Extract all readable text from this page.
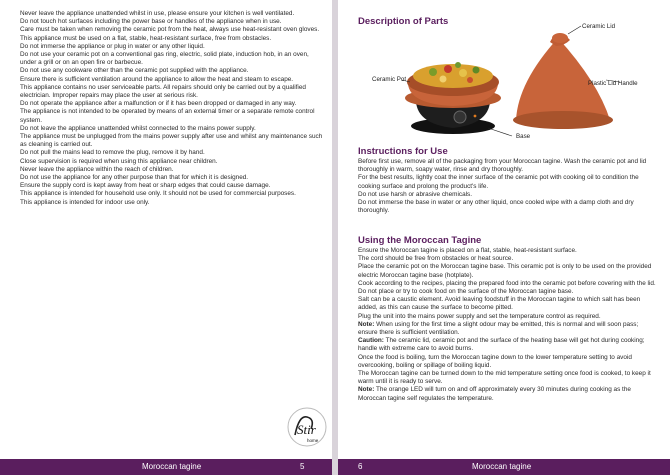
Never leave the appliance unattended whilst in use, please ensure your kitchen is well ventilated.

Do not touch hot surfaces including the power base or handles of the appliance when in use.

Care must be taken when removing the ceramic pot from the heat, always use heat-resistant oven gloves.

This appliance must be used on a flat, stable, heat-resistant surface, free from obstacles.

Do not immerse the appliance or plug in water or any other liquid.

Do not use your ceramic pot on a conventional gas ring, electric, solid plate, induction hob, in an oven, under a grill or on an open fire or barbecue.

Do not use any cookware other than the ceramic pot supplied with the appliance.

Ensure there is sufficient ventilation around the appliance to allow the heat and steam to escape.

This appliance contains no user serviceable parts. All repairs should only be carried out by a qualified electrician. Improper repairs may place the user at serious risk.

Do not operate the appliance after a malfunction or if it has been dropped or damaged in any way.

The appliance is not intended to be operated by means of an external timer or a separate remote control system.

Do not leave the appliance unattended whilst connected to the mains power supply.

The appliance must be unplugged from the mains power supply after use and whilst any maintenance such as cleaning is carried out.

Do not pull the mains lead to remove the plug, remove it by hand.

Close supervision is required when using this appliance near children.

Never leave the appliance within the reach of children.

Do not use the appliance for any other purpose than that for which it is designed.

Ensure the supply cord is kept away from heat or sharp edges that could cause damage.

This appliance is intended for household use only. It should not be used for commercial purposes.

This appliance is intended for indoor use only.

Stir
home
Moroccan tagine	5
Description of Parts	Ceramic Lid
Ceramic Pot
Plastic Lid Handle
Base
Instructions for Use

Before first use, remove all of the packaging from your Moroccan tagine. Wash the ceramic pot and lid thoroughly in warm, soapy water, rinse and dry thoroughly.

For the best results, lightly coat the inner surface of the ceramic pot with cooking oil to condition the cooking surface and prolong the product's life.

Do not use harsh or abrasive chemicals.

Do not immerse the base in water or any other liquid, once cooled wipe with a damp cloth and dry thoroughly.

Using the Moroccan Tagine

Ensure the Moroccan tagine is placed on a flat, stable, heat-resistant surface.

The cord should be free from obstacles or heat source.

Place the ceramic pot on the Moroccan tagine base. This ceramic pot is only to be used on the provided electric Moroccan tagine base (hotplate).

Cook according to the recipes, placing the prepared food into the ceramic pot before covering with the lid.

Do not place or try to cook food on the surface of the Moroccan tagine base.

Salt can be a caustic element. Avoid leaving foodstuff in the Moroccan tagine to which salt has been added, as this can cause the surface to become pitted.

Plug the unit into the mains power supply and set the temperature control as required.

Note: When using for the first time a slight odour may be emitted, this is normal and will soon pass; ensure there is sufficient ventilation.

Caution: The ceramic lid, ceramic pot and the surface of the heating base will get hot during cooking; handle with extreme care to avoid burns.

Once the food is boiling, turn the Moroccan tagine down to the lower temperature setting to avoid overcooking, boiling or spillage of boiling liquid.

The Moroccan tagine can be turned down to the mid temperature setting once food is cooked, to keep it warm until it is ready to serve.

Note: The orange LED will turn on and off approximately every 30 minutes during cooking as the Moroccan tagine self regulates the temperature.

6	Moroccan tagine
